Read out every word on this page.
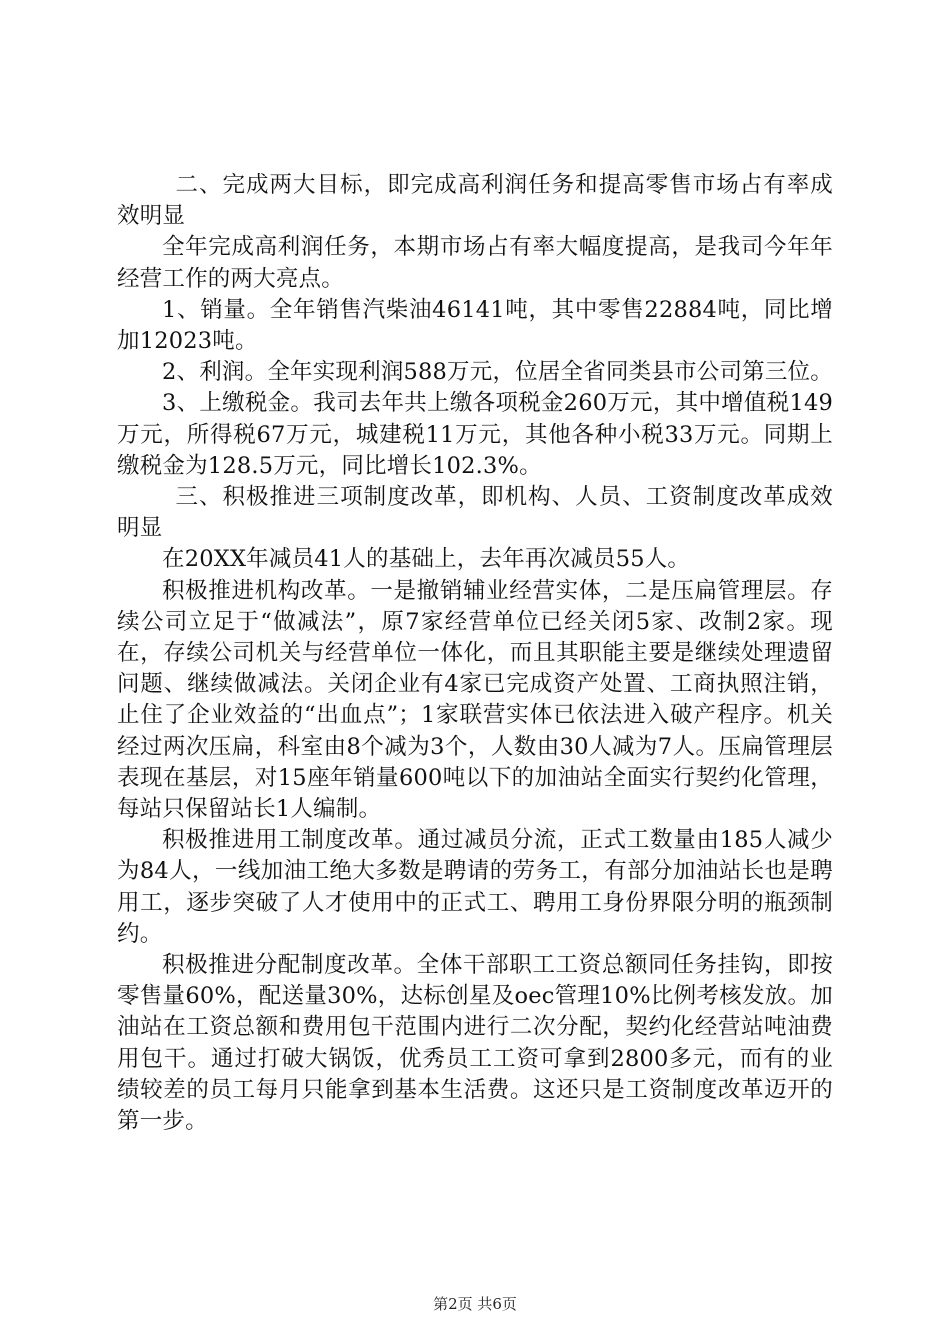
二、完成两大目标，即完成高利润任务和提高零售市场占有率成效明显

全年完成高利润任务，本期市场占有率大幅度提高，是我司今年年经营工作的两大亮点。

1、销量。全年销售汽柴油46141吨，其中零售22884吨，同比增加12023吨。

2、利润。全年实现利润588万元，位居全省同类县市公司第三位。

3、上缴税金。我司去年共上缴各项税金260万元，其中增值税149万元，所得税67万元，城建税11万元，其他各种小税33万元。同期上缴税金为128.5万元，同比增长102.3%。

三、积极推进三项制度改革，即机构、人员、工资制度改革成效明显

在20XX年减员41人的基础上，去年再次减员55人。

积极推进机构改革。一是撤销辅业经营实体，二是压扁管理层。存续公司立足于“做减法”，原7家经营单位已经关闭5家、改制2家。现在，存续公司机关与经营单位一体化，而且其职能主要是继续处理遗留问题、继续做减法。关闭企业有4家已完成资产处置、工商执照注销，止住了企业效益的“出血点”；1家联营实体已依法进入破产程序。机关经过两次压扁，科室由8个减为3个，人数由30人减为7人。压扁管理层表现在基层，对15座年销量600吨以下的加油站全面实行契约化管理，每站只保留站长1人编制。

积极推进用工制度改革。通过减员分流，正式工数量由185人减少为84人，一线加油工绝大多数是聘请的劳务工，有部分加油站长也是聘用工，逐步突破了人才使用中的正式工、聘用工身份界限分明的瓶颈制约。

积极推进分配制度改革。全体干部职工工资总额同任务挂钩，即按零售量60%，配送量30%，达标创星及oec管理10%比例考核发放。加油站在工资总额和费用包干范围内进行二次分配，契约化经营站吨油费用包干。通过打破大锅饭，优秀员工工资可拿到2800多元，而有的业绩较差的员工每月只能拿到基本生活费。这还只是工资制度改革迈开的第一步。

第2页 共6页
